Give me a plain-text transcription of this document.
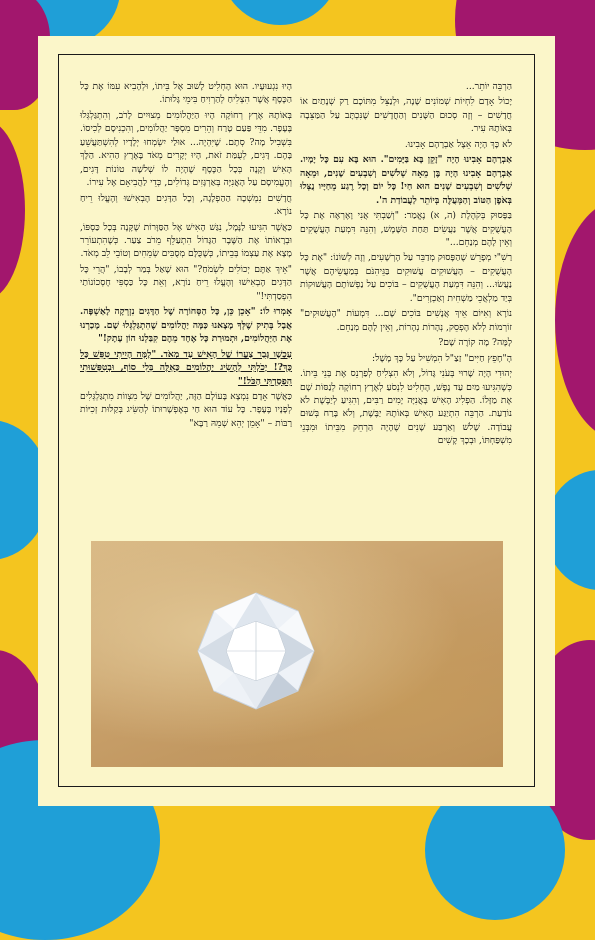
הַרְבֵּה יוֹתֵר...

יָכוֹל אָדָם לִחְיוֹת שְׁמוֹנִים שָׁנָה, וּלְנַצֵּל מִתּוֹכָם רַק שְׁנָתַיִם אוֹ חֳדָשִׁים – וְזֶה סְכוּם הַשָּׁנִים וְהַחֳדָשִׁים שֶׁנִּכְתָּב עַל הַמַּצֵּבָה בְּאוֹתָהּ עִיר.

לֹא כָּךְ הָיָה אֵצֶל אַבְרָהָם אָבִינוּ.

אַבְרָהָם אָבִינוּ הָיָה "זָקֵן בָּא בַּיָּמִים". הוּא בָּא עִם כָּל יָמָיו. אַבְרָהָם אָבִינוּ הָיָה בֶּן מֵאָה שְׁלֹשִׁים וְשִׁבְעִים שָׁנִים, וּמֵאָה שְׁלֹשִׁים וְשִׁבְעִים שָׁנִים הוּא חַי! כָּל יוֹם וְכָל רֶגַע מֵחַיָּיו נֻצְּלוּ בְּאֹפֶן הַטּוֹב וְהַמְּעֻלֶּה בְּיוֹתֵר לַעֲבוֹדַת ה'.

בַּפָּסוּק בְּקֹהֶלֶת (ה, א) נֶאֱמַר: "וְשַׁבְתִּי אֲנִי וָאֶרְאֶה אֶת כָּל הָעֲשֻׁקִים אֲשֶׁר נַעֲשִׂים תַּחַת הַשָּׁמֶשׁ, וְהִנֵּה דִּמְעַת הָעֲשֻׁקִים וְאֵין לָהֶם מְנַחֵם..."

רַשִׁ"י מְפָרֵשׁ שֶׁהַפָּסוּק מְדַבֵּר עַל הָרְשָׁעִים, וְזֶה לְשׁוֹנוֹ: "אֶת כָּל הָעֲשֻׁקִים – הָעֲשׁוּקִים עֲשׁוּקִים בַּגֵּיהִנֹּם בְּמַעֲשֵׂיהֶם אֲשֶׁר נַעֲשׂוּ... וְהִנֵּה דִּמְעַת הָעֲשֻׁקִים – בּוֹכִים עַל נַפְשׁוֹתָם הָעֲשׁוּקוֹת בְּיַד מַלְאֲכֵי מַשְׁחִית וְאַכְזָרִים".

נוֹרָא וְאִיּוֹם אֵיךְ אֲנָשִׁים בּוֹכִים שָׁם... דִּמְעוֹת "הָעֲשׁוּקִים" זוֹרְמוֹת לְלֹא הֶפְסֵק, נְהָרוֹת נְהָרוֹת, וְאֵין לָהֶם מְנַחֵם.

לָמָּה? מָה קוֹרֶה שָׁם?

הָ"חָפֵץ חַיִּים" זַצַ"ל הִמְשִׁיל עַל כָּךְ מָשָׁל:

יְהוּדִי הָיָה שָׁרוּי בְּעֹנִי גָּדוֹל, וְלֹא הִצְלִיחַ לְפַרְנֵס אֶת בְּנֵי בֵּיתוֹ. כְּשֶׁהִגִּיעוּ מַיִם עַד נֶפֶשׁ, הֶחְלִיט לִנְסֹעַ לְאֶרֶץ רְחוֹקָה לְנַסּוֹת שָׁם אֶת מַזָּלוֹ. הַפְלִיג הָאִישׁ בָּאֳנִיָּה יָמִים רַבִּים, וְהִגִּיעַ לְיַבֶּשֶׁת לֹא נוֹדַעַת. הַרְבֵּה הִתְיַגַּע הָאִישׁ בְּאוֹתָהּ יַבֶּשֶׁת, וְלֹא בָּרַח בְּשׁוּם עֲבוֹדָה. שָׁלֹשׁ וְאַרְבַּע שָׁנִים שֶׁהָיָה הַרְחֵק מִבֵּיתוֹ וּמִבְּנֵי מִשְׁפַּחְתּוֹ, וּבְכָךְ קָשִׁים

הָיוּ נִגְעוּעָיו. הוּא הֶחְלִיט לָשׁוּב אֶל בֵּיתוֹ, וּלְהָבִיא עִמּוֹ אֶת כָּל הַכֶּסֶף אֲשֶׁר הִצְלִיחַ לְהַרְוִיחַ בִּימֵי גָּלוּתוֹ.

בְּאוֹתָהּ אֶרֶץ רְחוֹקָה הָיוּ הַיַּהֲלוֹמִים מְצוּיִים לָרֹב, וְהִתְגַּלְגְּלוּ בֶּעָפָר. מִדֵּי פַּעַם טָרַח וְהֵרִים מִסְפָּר יַהֲלוֹמִים, וְהִכְנִיסָם לְכִיסוֹ. בִּשְׁבִיל מָה? סְתָם. שֶׁיִּהְיֶה... אוּלַי יִשְׂמְחוּ יְלָדָיו לְהִשְׁתַּעֲשֵׁעַ בָּהֶם. דָּגִים, לְעֻמַּת זֹאת, הָיוּ יְקָרִים מְאֹד בָּאֶרֶץ הַהִיא. הַלָּךְ הָאִישׁ וְקָנָה בְּכָל הַכֶּסֶף שֶׁהָיָה לוֹ שְׁלֹשָׁה טוֹנוֹת דָּגִים, וְהֶעֱמִיסָם עַל הָאֳנִיָּה בְּאַרְגָּזִים גְּדוֹלִים, כְּדֵי לַהֲבִיאָם אֶל עִירוֹ.

חֳדָשִׁים נִמְשְׁכָה הַהַפְלָגָה, וְכָל הַדָּגִים הֶבְאִישׁוּ וְהֶעֱלוּ רֵיחַ נוֹרָא.

כַּאֲשֶׁר הִגִּיעוּ לַנָּמָל, נִגַּשׁ הָאִישׁ אֶל הַסַּוָּרוֹת שֶׁקָּנָה בְּכָל כַּסְפּוֹ, וּבְרָאוֹתוֹ אֶת הַשֶּׁבֶר הַגָּדוֹל הִתְעַלֵּף מֵרֹב צַעַר. כְּשֶׁהִתְעוֹרֵר מָצָא אֶת עַצְמוֹ בְּבֵיתוֹ, כְּשֶׁכֻּלָּם מְסֻבִּים שְׂמֵחִים וְטוֹבֵי לֵב מְאֹד.

"אֵיךְ אַתֶּם יְכוֹלִים לִשְׂמֹחַ?" הוּא שָׁאַל בְּמַר לְבָבוֹ, "הֲרֵי כָּל הַדָּגִים הֶבְאִישׁוּ וְהֶעֱלוּ רֵיחַ נוֹרָא, וְאֵת כָּל כַּסְפִּי חֶסְכוֹנוֹתַי הִפְסַדְתִּי!"

אָמְרוּ לוֹ: "אָכֵן כֵּן, כָּל הַסְּחוֹרָה שֶׁל הַדָּגִים נִזְרְקָה לָאַשְׁפָּה. אֲבָל בְּתִיק שֶׁלְּךָ מָצָאנוּ כַּמָּה יַהֲלוֹמִים שֶׁהִתְגַּלְגְּלוּ שָׁם. מָכַרְנוּ אֶת הַיַּהֲלוֹמִים, וּתְמוּרַת כָּל אֶחָד מֵהֶם קִבַּלְנוּ הוֹן עָתָק!"

עַכְשָׁו גָּבַר צַעֲרוֹ שֶׁל הָאִישׁ עַד מְאֹד. "לָמָּה הָיִיתִי טִפֵּשׁ כָּל כָּךְ?! יָכֹלְתִּי לְהָשִׂיג יַהֲלוֹמִים כָּאֵלֶּה בְּלִי סוֹף, וּבְטִפְּשׁוּתִי הִפְסַדְתִּי הַכֹּל!"

כַּאֲשֶׁר אָדָם נִמְצָא בָּעוֹלָם הַזֶּה, יַהֲלוֹמִים שֶׁל מִצְווֹת מִתְגַּלְגְּלִים לְפָנָיו בֶּעָפָר. כָּל עוֹד הוּא חַי בְּאֶפְשָׁרוּתוֹ לְהַשִּׂיג בְּקַלּוּת זְכִיּוֹת רַבּוֹת – "אָמֵן יְהֵא שְׁמֵהּ רַבָּא"
